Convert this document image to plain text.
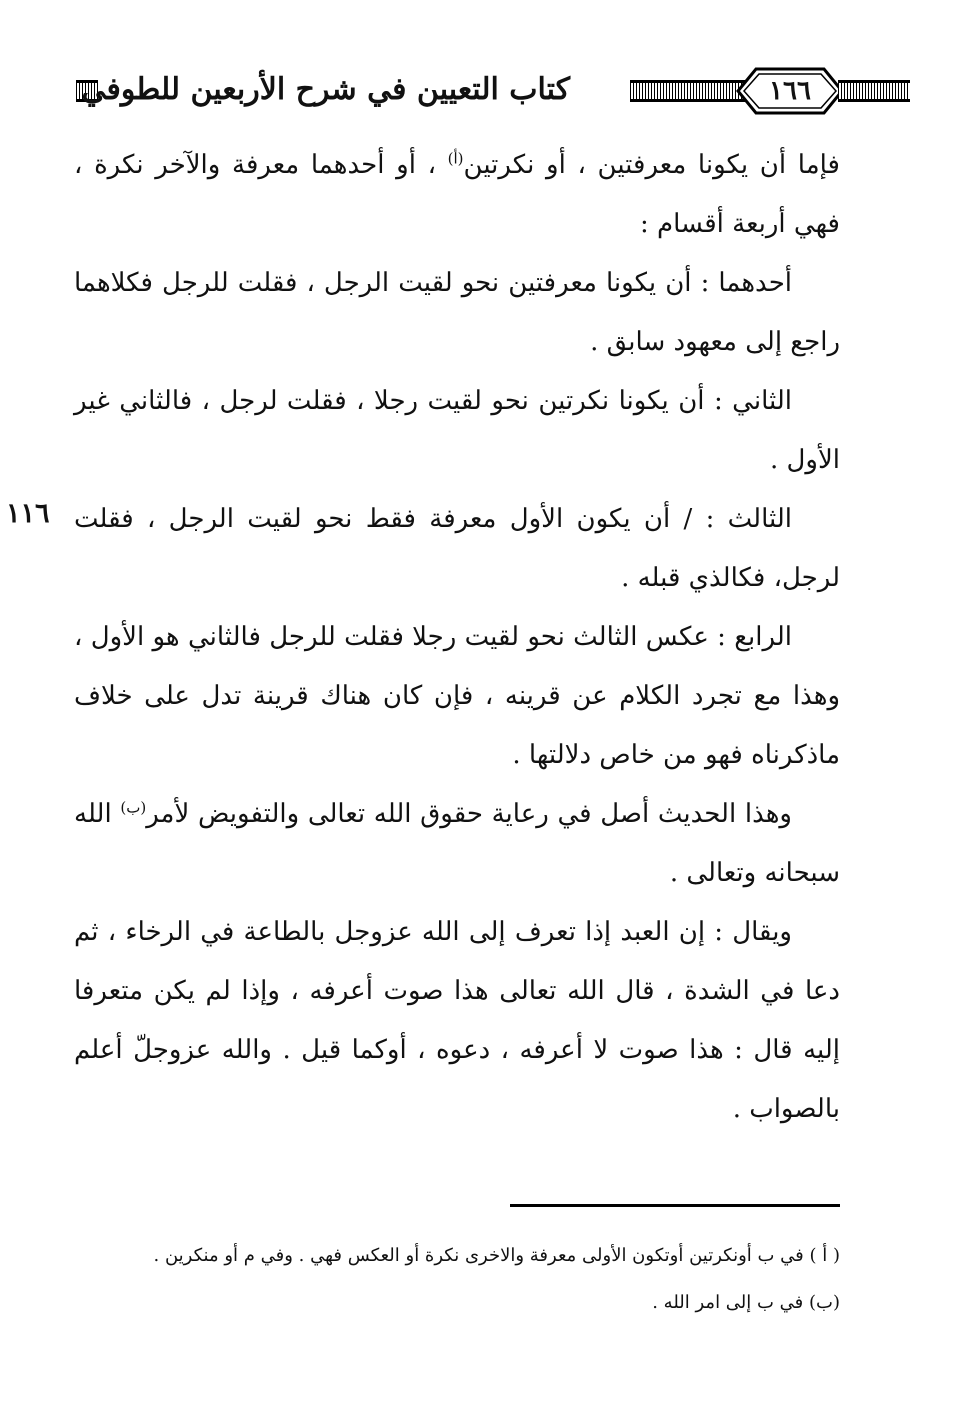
كتاب التعيين في شرح الأربعين للطوفي	١٦٦
١١٦

فإما أن يكونا معرفتين ، أو نكرتين$^{(أ)}$ ، أو أحدهما معرفة والآخر نكرة ، فهي أربعة أقسام :

أحدهما : أن يكونا معرفتين نحو لقيت الرجل ، فقلت للرجل فكلاهما راجع إلى معهود سابق .

الثاني : أن يكونا نكرتين نحو لقيت رجلا ، فقلت لرجل ، فالثاني غير الأول .

الثالث : / أن يكون الأول معرفة فقط نحو لقيت الرجل ، فقلت لرجل، فكالذي قبله .

الرابع : عكس الثالث نحو لقيت رجلا فقلت للرجل فالثاني هو الأول ، وهذا مع تجرد الكلام عن قرينه ، فإن كان هناك قرينة تدل على خلاف ماذكرناه فهو من خاص دلالتها .

وهذا الحديث أصل في رعاية حقوق الله تعالى والتفويض لأمر$^{(ب)}$ الله سبحانه وتعالى .

ويقال : إن العبد إذا تعرف إلى الله عزوجل بالطاعة في الرخاء ، ثم دعا في الشدة ، قال الله تعالى هذا صوت أعرفه ، وإذا لم يكن متعرفا إليه قال : هذا صوت لا أعرفه ، دعوه ، أوكما قيل . والله عزوجلّ أعلم بالصواب .

( أ ) في ب أونكرتين أوتكون الأولى معرفة والاخرى نكرة أو العكس فهي . وفي م أو منكرين .
(ب) في ب إلى امر الله .
